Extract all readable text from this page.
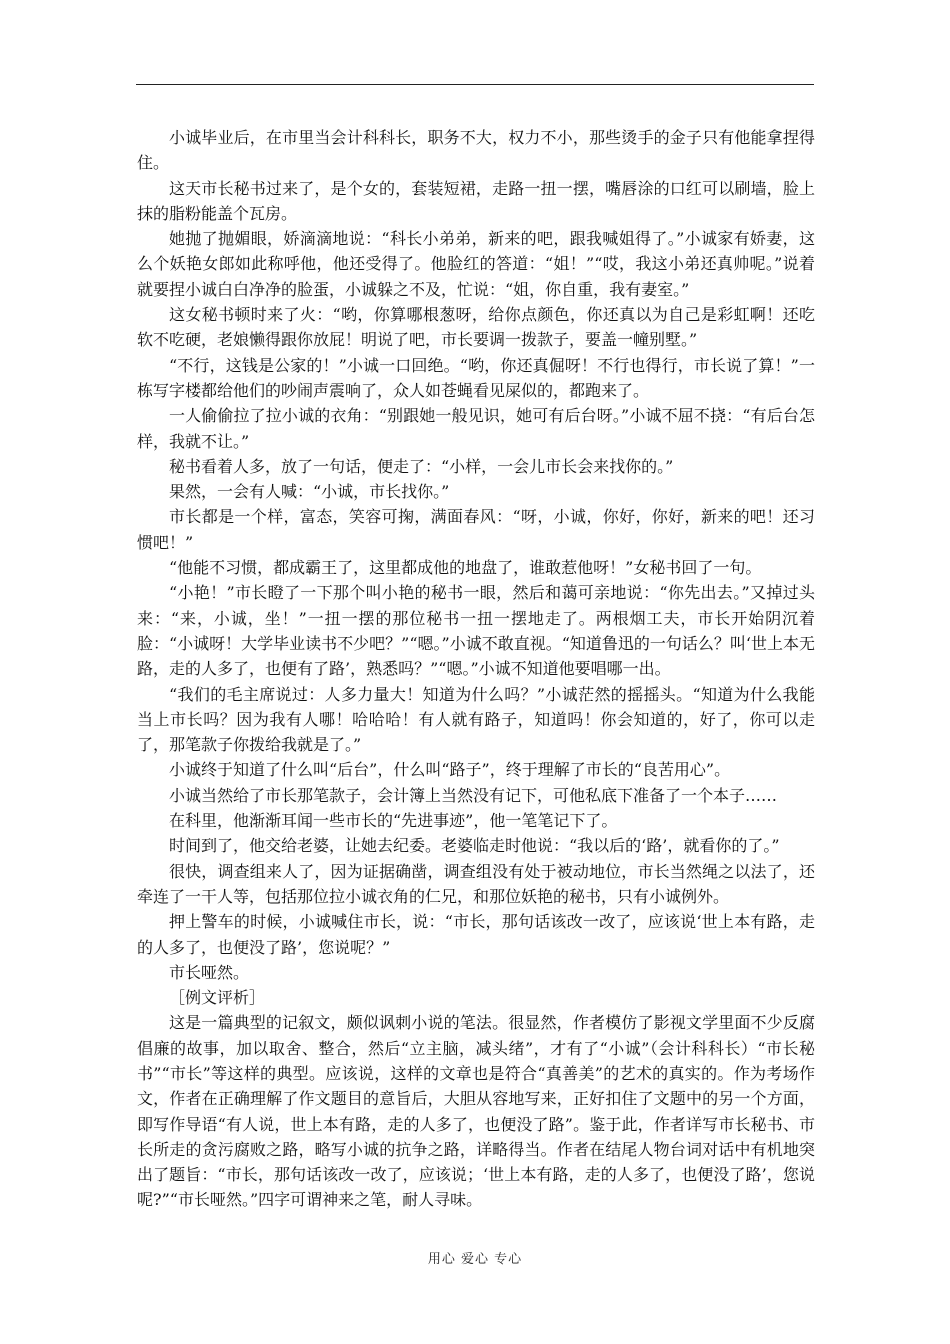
小诚毕业后，在市里当会计科科长，职务不大，权力不小，那些烫手的金子只有他能拿捏得住。

这天市长秘书过来了，是个女的，套装短裙，走路一扭一摆，嘴唇涂的口红可以刷墙，脸上抹的脂粉能盖个瓦房。

她抛了抛媚眼，娇滴滴地说：“科长小弟弟，新来的吧，跟我喊姐得了。”小诚家有娇妻，这么个妖艳女郎如此称呼他，他还受得了。他脸红的答道：“姐！”“哎，我这小弟还真帅呢。”说着就要捏小诚白白净净的脸蛋，小诚躲之不及，忙说：“姐，你自重，我有妻室。”

这女秘书顿时来了火：“哟，你算哪根葱呀，给你点颜色，你还真以为自己是彩虹啊！还吃软不吃硬，老娘懒得跟你放屁！明说了吧，市长要调一拨款子，要盖一幢别墅。”

“不行，这钱是公家的！”小诚一口回绝。“哟，你还真倔呀！不行也得行，市长说了算！”一栋写字楼都给他们的吵闹声震响了，众人如苍蝇看见屎似的，都跑来了。

一人偷偷拉了拉小诚的衣角：“别跟她一般见识，她可有后台呀。”小诚不屈不挠：“有后台怎样，我就不让。”

秘书看着人多，放了一句话，便走了：“小样，一会儿市长会来找你的。”

果然，一会有人喊：“小诚，市长找你。”

市长都是一个样，富态，笑容可掬，满面春风：“呀，小诚，你好，你好，新来的吧！还习惯吧！”

“他能不习惯，都成霸王了，这里都成他的地盘了，谁敢惹他呀！”女秘书回了一句。

“小艳！”市长瞪了一下那个叫小艳的秘书一眼，然后和蔼可亲地说：“你先出去。”又掉过头来：“来，小诚，坐！”一扭一摆的那位秘书一扭一摆地走了。两根烟工夫，市长开始阴沉着脸：“小诚呀！大学毕业读书不少吧？”“嗯。”小诚不敢直视。“知道鲁迅的一句话么？叫‘世上本无路，走的人多了，也便有了路’，熟悉吗？”“嗯。”小诚不知道他要唱哪一出。

“我们的毛主席说过：人多力量大！知道为什么吗？”小诚茫然的摇摇头。“知道为什么我能当上市长吗？因为我有人哪！哈哈哈！有人就有路子，知道吗！你会知道的，好了，你可以走了，那笔款子你拨给我就是了。”

小诚终于知道了什么叫“后台”，什么叫“路子”，终于理解了市长的“良苦用心”。

小诚当然给了市长那笔款子，会计簿上当然没有记下，可他私底下准备了一个本子……

在科里，他渐渐耳闻一些市长的“先进事迹”，他一笔笔记下了。

时间到了，他交给老婆，让她去纪委。老婆临走时他说：“我以后的‘路’，就看你的了。”

很快，调查组来人了，因为证据确凿，调查组没有处于被动地位，市长当然绳之以法了，还牵连了一干人等，包括那位拉小诚衣角的仁兄，和那位妖艳的秘书，只有小诚例外。

押上警车的时候，小诚喊住市长，说：“市长，那句话该改一改了，应该说‘世上本有路，走的人多了，也便没了路’，您说呢？”

市长哑然。

［例文评析］

这是一篇典型的记叙文，颇似讽刺小说的笔法。很显然，作者模仿了影视文学里面不少反腐倡廉的故事，加以取舍、整合，然后“立主脑，减头绪”，才有了“小诚”（会计科科长）“市长秘书”“市长”等这样的典型。应该说，这样的文章也是符合“真善美”的艺术的真实的。作为考场作文，作者在正确理解了作文题目的意旨后，大胆从容地写来，正好扣住了文题中的另一个方面，即写作导语“有人说，世上本有路，走的人多了，也便没了路”。鉴于此，作者详写市长秘书、市长所走的贪污腐败之路，略写小诚的抗争之路，详略得当。作者在结尾人物台词对话中有机地突出了题旨：“市长，那句话该改一改了，应该说；‘世上本有路，走的人多了，也便没了路’，您说呢?”“市长哑然。”四字可谓神来之笔，耐人寻味。

用心 爱心 专心
